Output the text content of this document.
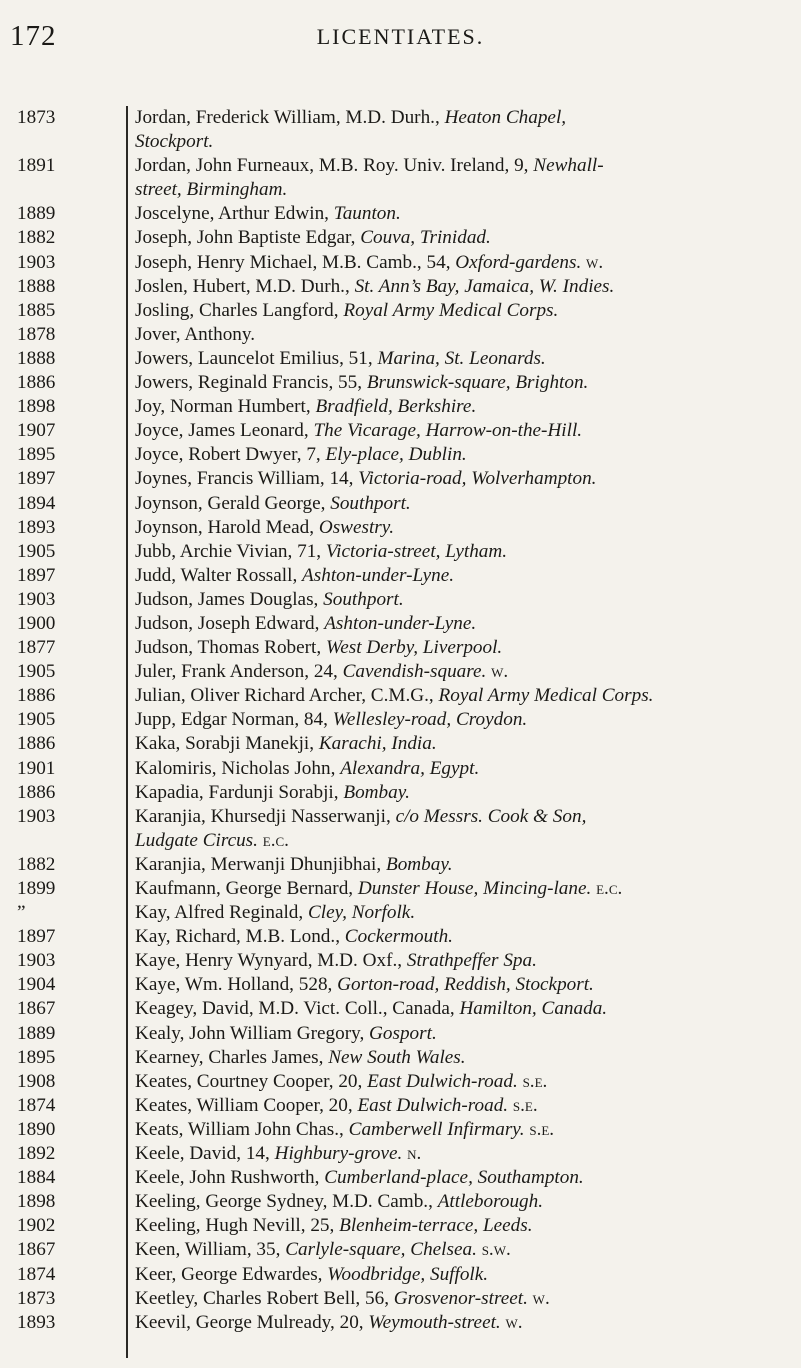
172	LICENTIATES.
1873	Jordan, Frederick William, M.D. Durh., Heaton Chapel,
Stockport.
1891	Jordan, John Furneaux, M.B. Roy. Univ. Ireland, 9, Newhall-
street, Birmingham.
1889	Joscelyne, Arthur Edwin, Taunton.
1882	Joseph, John Baptiste Edgar, Couva, Trinidad.
1903	Joseph, Henry Michael, M.B. Camb., 54, Oxford-gardens. w.
1888	Joslen, Hubert, M.D. Durh., St. Ann’s Bay, Jamaica, W. Indies.
1885	Josling, Charles Langford, Royal Army Medical Corps.
1878	Jover, Anthony.
1888	Jowers, Launcelot Emilius, 51, Marina, St. Leonards.
1886	Jowers, Reginald Francis, 55, Brunswick-square, Brighton.
1898	Joy, Norman Humbert, Bradfield, Berkshire.
1907	Joyce, James Leonard, The Vicarage, Harrow-on-the-Hill.
1895	Joyce, Robert Dwyer, 7, Ely-place, Dublin.
1897	Joynes, Francis William, 14, Victoria-road, Wolverhampton.
1894	Joynson, Gerald George, Southport.
1893	Joynson, Harold Mead, Oswestry.
1905	Jubb, Archie Vivian, 71, Victoria-street, Lytham.
1897	Judd, Walter Rossall, Ashton-under-Lyne.
1903	Judson, James Douglas, Southport.
1900	Judson, Joseph Edward, Ashton-under-Lyne.
1877	Judson, Thomas Robert, West Derby, Liverpool.
1905	Juler, Frank Anderson, 24, Cavendish-square. w.
1886	Julian, Oliver Richard Archer, C.M.G., Royal Army Medical Corps.
1905	Jupp, Edgar Norman, 84, Wellesley-road, Croydon.
1886	Kaka, Sorabji Manekji, Karachi, India.
1901	Kalomiris, Nicholas John, Alexandra, Egypt.
1886	Kapadia, Fardunji Sorabji, Bombay.
1903	Karanjia, Khursedji Nasserwanji, c/o Messrs. Cook & Son,
Ludgate Circus. e.c.
1882	Karanjia, Merwanji Dhunjibhai, Bombay.
1899	Kaufmann, George Bernard, Dunster House, Mincing-lane. e.c.
”	Kay, Alfred Reginald, Cley, Norfolk.
1897	Kay, Richard, M.B. Lond., Cockermouth.
1903	Kaye, Henry Wynyard, M.D. Oxf., Strathpeffer Spa.
1904	Kaye, Wm. Holland, 528, Gorton-road, Reddish, Stockport.
1867	Keagey, David, M.D. Vict. Coll., Canada, Hamilton, Canada.
1889	Kealy, John William Gregory, Gosport.
1895	Kearney, Charles James, New South Wales.
1908	Keates, Courtney Cooper, 20, East Dulwich-road. s.e.
1874	Keates, William Cooper, 20, East Dulwich-road. s.e.
1890	Keats, William John Chas., Camberwell Infirmary. s.e.
1892	Keele, David, 14, Highbury-grove. n.
1884	Keele, John Rushworth, Cumberland-place, Southampton.
1898	Keeling, George Sydney, M.D. Camb., Attleborough.
1902	Keeling, Hugh Nevill, 25, Blenheim-terrace, Leeds.
1867	Keen, William, 35, Carlyle-square, Chelsea. s.w.
1874	Keer, George Edwardes, Woodbridge, Suffolk.
1873	Keetley, Charles Robert Bell, 56, Grosvenor-street. w.
1893	Keevil, George Mulready, 20, Weymouth-street. w.
